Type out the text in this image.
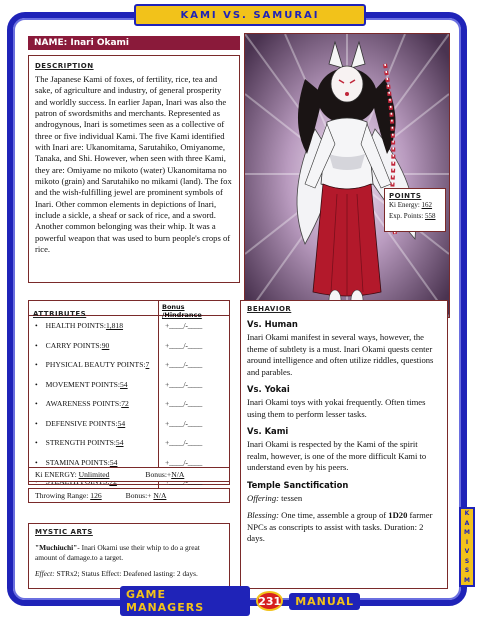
KAMI VS. SAMURAI
NAME : Inari Okami
DESCRIPTION

The Japanese Kami of foxes, of fertility, rice, tea and sake, of agriculture and industry, of general prosperity and worldly success. In earlier Japan, Inari was also the patron of swordsmiths and merchants. Represented as androgynous, Inari is sometimes seen as a collective of three or five individual Kami. The five Kami identified with Inari are: Ukanomitama, Sarutahiko, Omiyanome, Tanaka, and Shi. However, when seen with three Kami, they are: Omiyame no mikoto (water) Ukanomitama no mikoto (grain) and Sarutahiko no mikami (land). The fox and the wish-fulfilling jewel are prominent symbols of Inari. Other common elements in depictions of Inari, include a sickle, a sheaf or sack of rice, and a sword. Another common belonging was their whip. It was a powerful weapon that was used to burn people's crops of rice.

POINTS
Ki Energy: 162
Exp. Points: 558
ATTRIBUTES
Bonus /Hindrance
• HEALTH POINTS: 1,818	+____/-____
• CARRY POINTS: 90	+____/-____
• PHYSICAL BEAUTY POINTS: 7	+____/-____
• MOVEMENT POINTS: 54	+____/-____
• AWARENESS POINTS: 72	+____/-____
• DEFENSIVE POINTS: 54	+____/-____
• STRENGTH POINTS: 54	+____/-____
• STAMINA POINTS: 54	+____/-____
Ki ENERGY: Unlimited	Bonus:+N/A
Throwing Range: 126	Bonus:+ N/A
MYSTIC ARTS
"Muchiuchi"- Inari Okami use their whip to do a great amount of damage.to a target.
Effect: STRx2; Status Effect: Deafened lasting: 2 days.
BEHAVIOR
Vs. Human

Inari Okami manifest in several ways, however, the theme of subtlety is a must. Inari Okami quests center around intelligence and often utilize riddles, questions and parables.

Vs. Yokai

Inari Okami toys with yokai frequently. Often times using them to perform lesser tasks.

Vs. Kami

Inari Okami is respected by the Kami of the spirit realm, however, is one of the more difficult Kami to understand even by his peers.

Temple Sanctification

Offering: tessen

Blessing: One time, assemble a group of 1D20 farmer NPCs as conscripts to assist with tasks. Duration: 2 days.

K
A
M
I
V
S
S
M
GAME MANAGERS	231	MANUAL
